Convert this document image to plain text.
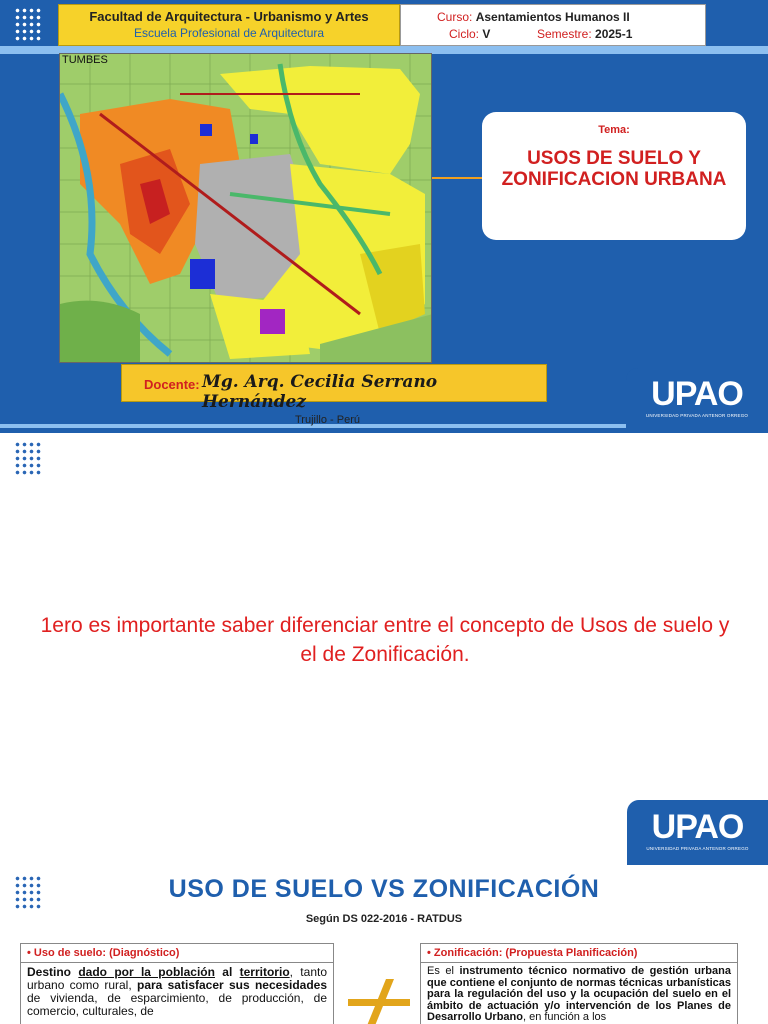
Facultad de Arquitectura - Urbanismo y Artes
Escuela Profesional de Arquitectura
Curso: Asentamientos Humanos II
Ciclo: V	Semestre: 2025-1
TUMBES
Tema:
USOS DE SUELO Y ZONIFICACION URBANA
Docente: Mg. Arq. Cecilia Serrano Hernández
Trujillo - Perú
UPAO
UNIVERSIDAD PRIVADA ANTENOR ORREGO
1ero es importante saber diferenciar entre el concepto de Usos de suelo y el de Zonificación.
UPAO
UNIVERSIDAD PRIVADA ANTENOR ORREGO
USO DE SUELO VS ZONIFICACIÓN
Según DS 022-2016 - RATDUS
• Uso de suelo: (Diagnóstico)
Destino dado por la población al territorio, tanto urbano como rural, para satisfacer sus necesidades de vivienda, de esparcimiento, de producción, de comercio, culturales, de
• Zonificación: (Propuesta Planificación)
Es el instrumento técnico normativo de gestión urbana que contiene el conjunto de normas técnicas urbanísticas para la regulación del uso y la ocupación del suelo en el ámbito de actuación y/o intervención de los Planes de Desarrollo Urbano, en función a los
